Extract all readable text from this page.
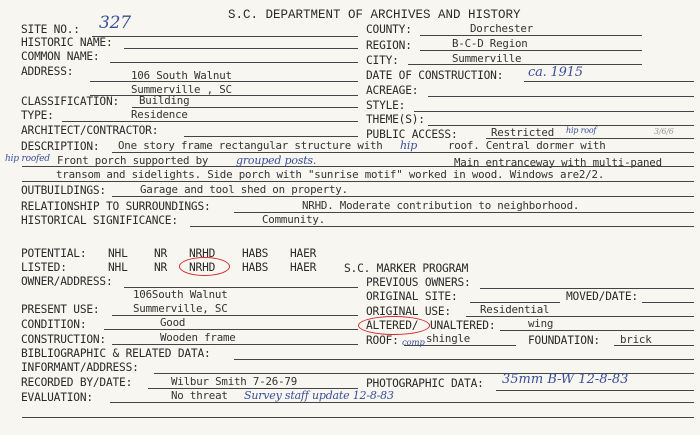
S.C. DEPARTMENT OF ARCHIVES AND HISTORY
SITE NO.: 327
HISTORIC NAME:
COMMON NAME:
ADDRESS:	106 South Walnut
Summerville , SC
CLASSIFICATION: Building
TYPE:	Residence
ARCHITECT/CONTRACTOR:
COUNTY:	Dorchester
REGION:	B-C-D Region
CITY:	Summerville
DATE OF CONSTRUCTION: ca. 1915
ACREAGE:
STYLE:
THEME(S):
PUBLIC ACCESS:	Restricted hip roof	3/6/6
DESCRIPTION: One story frame rectangular structure with hip	roof. Central dormer with
hip roofed Front porch supported by	grouped posts.	Main entranceway with multi-paned
transom and sidelights. Side porch with "sunrise motif" worked in wood. Windows are2/2.
OUTBUILDINGS:	Garage and tool shed on property.
RELATIONSHIP TO SURROUNDINGS:	NRHD. Moderate contribution to neighborhood.
HISTORICAL SIGNIFICANCE:	Community.
POTENTIAL: NHL NR NRHD HABS HAER
LISTED:	NHL NR NRHD HABS HAER S.C. MARKER PROGRAM
OWNER/ADDRESS:
106South Walnut
PREVIOUS OWNERS:
ORIGINAL SITE:	MOVED/DATE:
PRESENT USE:	Summerville, SC	ORIGINAL USE:	Residential
CONDITION:	Good	ALTERED/ UNALTERED:	wing
CONSTRUCTION:	Wooden frame	ROOF: comp shingle	FOUNDATION: brick
BIBLIOGRAPHIC & RELATED DATA:
INFORMANT/ADDRESS:
RECORDED BY/DATE:	Wilbur Smith 7-26-79	PHOTOGRAPHIC DATA: 35mm B-W 12-8-83
EVALUATION:	No threat Survey staff update 12-8-83
